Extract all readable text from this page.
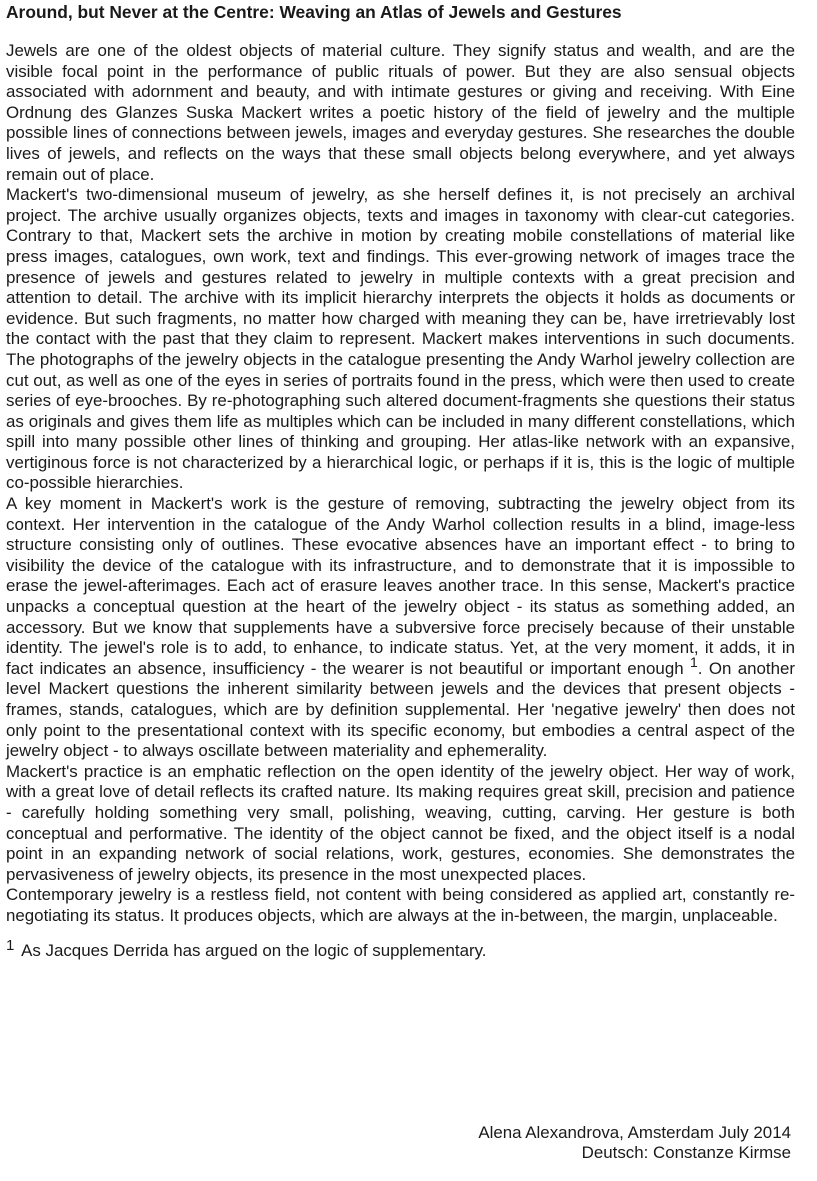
Around, but Never at the Centre: Weaving an Atlas of Jewels and Gestures

Jewels are one of the oldest objects of material culture. They signify status and wealth, and are the visible focal point in the performance of public rituals of power. But they are also sensual objects associated with adornment and beauty, and with intimate gestures or giving and receiving. With Eine Ordnung des Glanzes Suska Mackert writes a poetic history of the field of jewelry and the multiple possible lines of connections between jewels, images and everyday gestures. She researches the double lives of jewels, and reflects on the ways that these small objects belong everywhere, and yet always remain out of place.

Mackert's two-dimensional museum of jewelry, as she herself defines it, is not precisely an archival project. The archive usually organizes objects, texts and images in taxonomy with clear-cut categories. Contrary to that, Mackert sets the archive in motion by creating mobile constellations of material like press images, catalogues, own work, text and findings. This ever-growing network of images trace the presence of jewels and gestures related to jewelry in multiple contexts with a great precision and attention to detail. The archive with its implicit hierarchy interprets the objects it holds as documents or evidence. But such fragments, no matter how charged with meaning they can be, have irretrievably lost the contact with the past that they claim to represent. Mackert makes interventions in such documents. The photographs of the jewelry objects in the catalogue presenting the Andy Warhol jewelry collection are cut out, as well as one of the eyes in series of portraits found in the press, which were then used to create series of eye-brooches. By re-photographing such altered document-fragments she questions their status as originals and gives them life as multiples which can be included in many different constellations, which spill into many possible other lines of thinking and grouping. Her atlas-like network with an expansive, vertiginous force is not characterized by a hierarchical logic, or perhaps if it is, this is the logic of multiple co-possible hierarchies.

A key moment in Mackert's work is the gesture of removing, subtracting the jewelry object from its context. Her intervention in the catalogue of the Andy Warhol collection results in a blind, image-less structure consisting only of outlines. These evocative absences have an important effect - to bring to visibility the device of the catalogue with its infrastructure, and to demonstrate that it is impossible to erase the jewel-afterimages. Each act of erasure leaves another trace. In this sense, Mackert's practice unpacks a conceptual question at the heart of the jewelry object - its status as something added, an accessory. But we know that supplements have a subversive force precisely because of their unstable identity. The jewel's role is to add, to enhance, to indicate status. Yet, at the very moment, it adds, it in fact indicates an absence, insufficiency - the wearer is not beautiful or important enough $^1$. On another level Mackert questions the inherent similarity between jewels and the devices that present objects - frames, stands, catalogues, which are by definition supplemental. Her 'negative jewelry' then does not only point to the presentational context with its specific economy, but embodies a central aspect of the jewelry object - to always oscillate between materiality and ephemerality.

Mackert's practice is an emphatic reflection on the open identity of the jewelry object. Her way of work, with a great love of detail reflects its crafted nature. Its making requires great skill, precision and patience - carefully holding something very small, polishing, weaving, cutting, carving. Her gesture is both conceptual and performative. The identity of the object cannot be fixed, and the object itself is a nodal point in an expanding network of social relations, work, gestures, economies. She demonstrates the pervasiveness of jewelry objects, its presence in the most unexpected places.

Contemporary jewelry is a restless field, not content with being considered as applied art, constantly re-negotiating its status. It produces objects, which are always at the in-between, the margin, unplaceable.

1 As Jacques Derrida has argued on the logic of supplementary.
Alena Alexandrova, Amsterdam July 2014
Deutsch: Constanze Kirmse
